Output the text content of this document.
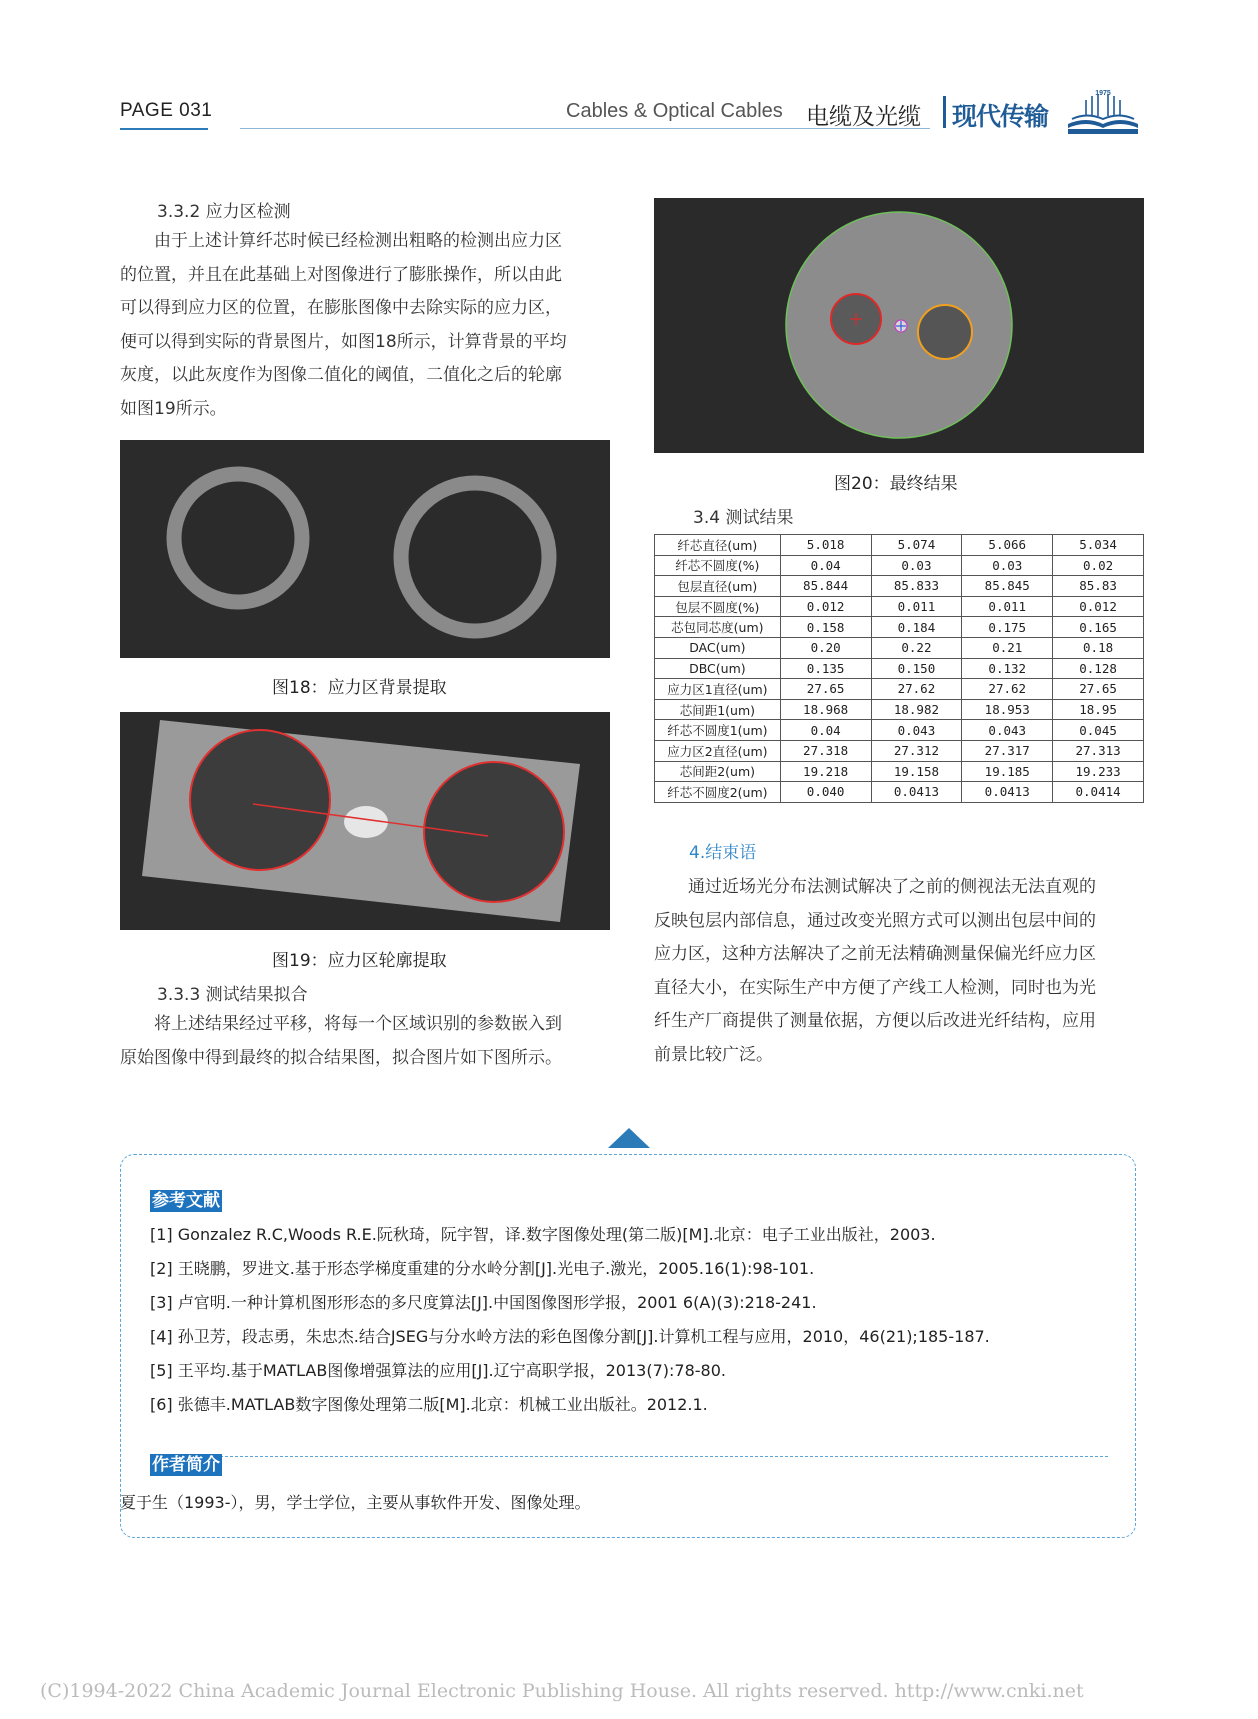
PAGE 031	Cables & Optical Cables 电缆及光缆 现代传输
1975
3.3.2 应力区检测

由于上述计算纤芯时候已经检测出粗略的检测出应力区

的位置，并且在此基础上对图像进行了膨胀操作，所以由此

可以得到应力区的位置，在膨胀图像中去除实际的应力区，

便可以得到实际的背景图片，如图18所示，计算背景的平均

灰度，以此灰度作为图像二值化的阈值，二值化之后的轮廓

如图19所示。

图18：应力区背景提取
图19：应力区轮廓提取
3.3.3 测试结果拟合

将上述结果经过平移，将每一个区域识别的参数嵌入到

原始图像中得到最终的拟合结果图，拟合图片如下图所示。

图20：最终结果
3.4 测试结果
纤芯直径(um)	5.018	5.074	5.066	5.034
纤芯不圆度(%)	0.04	0.03	0.03	0.02
包层直径(um)	85.844	85.833	85.845	85.83
包层不圆度(%)	0.012	0.011	0.011	0.012
芯包同芯度(um)	0.158	0.184	0.175	0.165
DAC(um)	0.20	0.22	0.21	0.18
DBC(um)	0.135	0.150	0.132	0.128
应力区1直径(um)	27.65	27.62	27.62	27.65
芯间距1(um)	18.968	18.982	18.953	18.95
纤芯不圆度1(um)	0.04	0.043	0.043	0.045
应力区2直径(um)	27.318	27.312	27.317	27.313
芯间距2(um)	19.218	19.158	19.185	19.233
纤芯不圆度2(um)	0.040	0.0413	0.0413	0.0414
4.结束语

通过近场光分布法测试解决了之前的侧视法无法直观的

反映包层内部信息，通过改变光照方式可以测出包层中间的

应力区，这种方法解决了之前无法精确测量保偏光纤应力区

直径大小，在实际生产中方便了产线工人检测，同时也为光

纤生产厂商提供了测量依据，方便以后改进光纤结构，应用

前景比较广泛。

参考文献
[1] Gonzalez R.C,Woods R.E.阮秋琦，阮宇智，译.数字图像处理(第二版)[M].北京：电子工业出版社，2003.
[2] 王晓鹏，罗进文.基于形态学梯度重建的分水岭分割[J].光电子.激光，2005.16(1):98-101.
[3] 卢官明.一种计算机图形形态的多尺度算法[J].中国图像图形学报，2001 6(A)(3):218-241.
[4] 孙卫芳，段志勇，朱忠杰.结合JSEG与分水岭方法的彩色图像分割[J].计算机工程与应用，2010，46(21);185-187.
[5] 王平均.基于MATLAB图像增强算法的应用[J].辽宁高职学报，2013(7):78-80.
[6] 张德丰.MATLAB数字图像处理第二版[M].北京：机械工业出版社。2012.1.
作者简介
夏于生（1993-），男，学士学位，主要从事软件开发、图像处理。
(C)1994-2022 China Academic Journal Electronic Publishing House. All rights reserved. http://www.cnki.net
